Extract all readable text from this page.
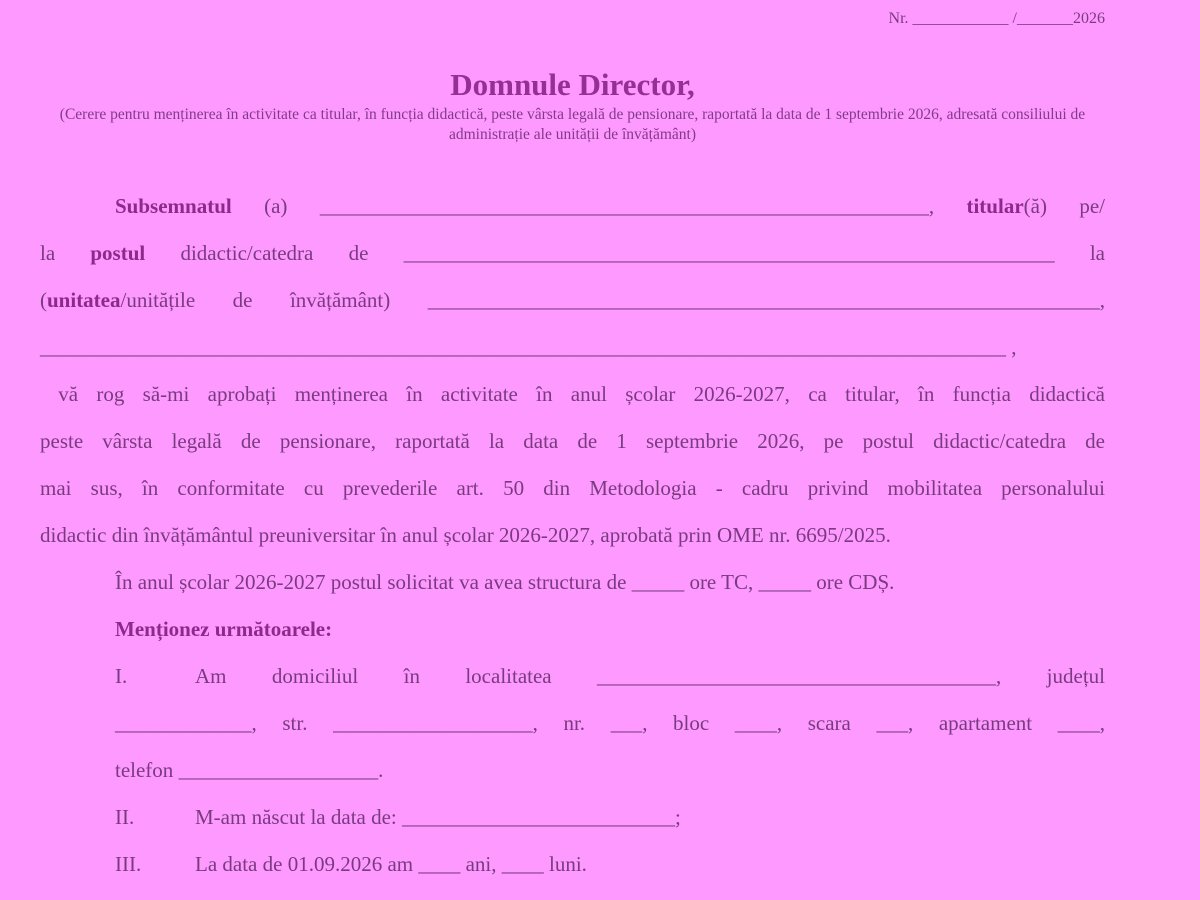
Nr. ____________ /_______2026
Domnule Director,
(Cerere pentru menținerea în activitate ca titular, în funcția didactică, peste vârsta legală de pensionare, raportată la data de 1 septembrie 2026, adresată consiliului de administrație ale unității de învățământ)
Subsemnatul (a) __________________________________________________________, titular(ă) pe/
la postul didactic/catedra de ______________________________________________________________ la
(unitatea/unitățile de învățământ) ________________________________________________________________,
____________________________________________________________________________________________ ,
vă rog să-mi aprobați menținerea în activitate în anul școlar 2026-2027, ca titular, în funcția didactică
peste vârsta legală de pensionare, raportată la data de 1 septembrie 2026, pe postul didactic/catedra de
mai sus, în conformitate cu prevederile art. 50 din Metodologia - cadru privind mobilitatea personalului
didactic din învățământul preuniversitar în anul școlar 2026-2027, aprobată prin OME nr. 6695/2025.
În anul școlar 2026-2027 postul solicitat va avea structura de _____ ore TC, _____ ore CDȘ.
Menționez următoarele:
I.	Am domiciliul în localitatea ______________________________________, județul
_____________, str. ___________________, nr. ___, bloc ____, scara ___, apartament ____,
telefon ___________________.
II.	M-am născut la data de: __________________________;
III.	La data de 01.09.2026 am ____ ani, ____ luni.
